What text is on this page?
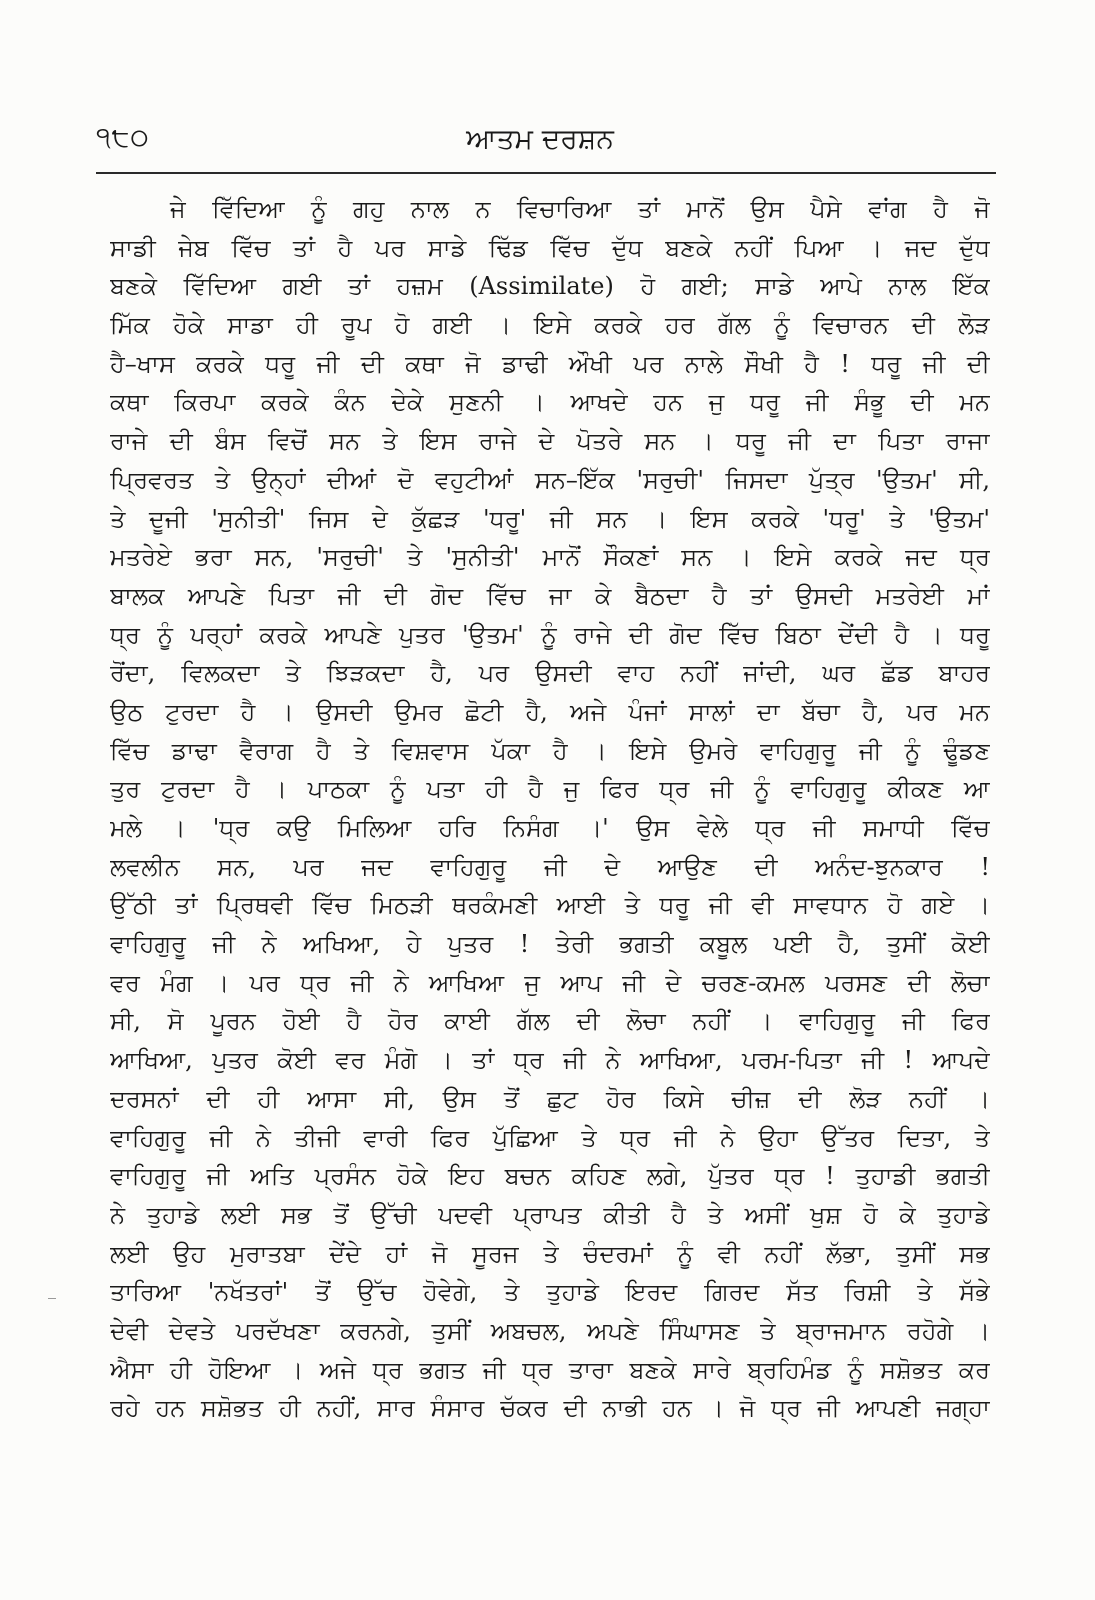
੧੮੦	ਆਤਮ ਦਰਸ਼ਨ
ਜੇ ਵਿੱਦਿਆ ਨੂੰ ਗਹੁ ਨਾਲ ਨ ਵਿਚਾਰਿਆ ਤਾਂ ਮਾਨੋਂ ਉਸ ਪੈਸੇ ਵਾਂਗ ਹੈ ਜੋ
ਸਾਡੀ ਜੇਬ ਵਿੱਚ ਤਾਂ ਹੈ ਪਰ ਸਾਡੇ ਢਿੱਡ ਵਿੱਚ ਦੁੱਧ ਬਣਕੇ ਨਹੀਂ ਪਿਆ । ਜਦ ਦੁੱਧ
ਬਣਕੇ ਵਿੱਦਿਆ ਗਈ ਤਾਂ ਹਜ਼ਮ (Assimilate) ਹੋ ਗਈ; ਸਾਡੇ ਆਪੇ ਨਾਲ ਇੱਕ
ਮਿੱਕ ਹੋਕੇ ਸਾਡਾ ਹੀ ਰੂਪ ਹੋ ਗਈ । ਇਸੇ ਕਰਕੇ ਹਰ ਗੱਲ ਨੂੰ ਵਿਚਾਰਨ ਦੀ ਲੋੜ
ਹੈ–ਖਾਸ ਕਰਕੇ ਧਰੂ ਜੀ ਦੀ ਕਥਾ ਜੋ ਡਾਢੀ ਔਖੀ ਪਰ ਨਾਲੇ ਸੌਖੀ ਹੈ ! ਧਰੂ ਜੀ ਦੀ
ਕਥਾ ਕਿਰਪਾ ਕਰਕੇ ਕੰਨ ਦੇਕੇ ਸੁਣਨੀ । ਆਖਦੇ ਹਨ ਜੁ ਧਰੂ ਜੀ ਸੰਭੂ ਦੀ ਮਨ
ਰਾਜੇ ਦੀ ਬੰਸ ਵਿਚੋਂ ਸਨ ਤੇ ਇਸ ਰਾਜੇ ਦੇ ਪੋਤਰੇ ਸਨ । ਧਰੂ ਜੀ ਦਾ ਪਿਤਾ ਰਾਜਾ
ਪ੍ਰਿਵਰਤ ਤੇ ਉਨ੍ਹਾਂ ਦੀਆਂ ਦੋ ਵਹੁਟੀਆਂ ਸਨ–ਇੱਕ 'ਸਰੁਚੀ' ਜਿਸਦਾ ਪੁੱਤ੍ਰ 'ਉਤਮ' ਸੀ,
ਤੇ ਦੂਜੀ 'ਸੁਨੀਤੀ' ਜਿਸ ਦੇ ਕੁੱਛੜ 'ਧਰੂ' ਜੀ ਸਨ । ਇਸ ਕਰਕੇ 'ਧਰੂ' ਤੇ 'ਉਤਮ'
ਮਤਰੇਏ ਭਰਾ ਸਨ, 'ਸਰੁਚੀ' ਤੇ 'ਸੁਨੀਤੀ' ਮਾਨੋਂ ਸੌਕਣਾਂ ਸਨ । ਇਸੇ ਕਰਕੇ ਜਦ ਧ੍ਰ
ਬਾਲਕ ਆਪਣੇ ਪਿਤਾ ਜੀ ਦੀ ਗੋਦ ਵਿੱਚ ਜਾ ਕੇ ਬੈਠਦਾ ਹੈ ਤਾਂ ਉਸਦੀ ਮਤਰੇਈ ਮਾਂ
ਧ੍ਰ ਨੂੰ ਪਰ੍ਹਾਂ ਕਰਕੇ ਆਪਣੇ ਪੁਤਰ 'ਉਤਮ' ਨੂੰ ਰਾਜੇ ਦੀ ਗੋਦ ਵਿੱਚ ਬਿਠਾ ਦੇਂਦੀ ਹੈ । ਧਰੂ
ਰੋਂਦਾ, ਵਿਲਕਦਾ ਤੇ ਝਿੜਕਦਾ ਹੈ, ਪਰ ਉਸਦੀ ਵਾਹ ਨਹੀਂ ਜਾਂਦੀ, ਘਰ ਛੱਡ ਬਾਹਰ
ਉਠ ਟੁਰਦਾ ਹੈ । ਉਸਦੀ ਉਮਰ ਛੋਟੀ ਹੈ, ਅਜੇ ਪੰਜਾਂ ਸਾਲਾਂ ਦਾ ਬੱਚਾ ਹੈ, ਪਰ ਮਨ
ਵਿੱਚ ਡਾਢਾ ਵੈਰਾਗ ਹੈ ਤੇ ਵਿਸ਼ਵਾਸ ਪੱਕਾ ਹੈ । ਇਸੇ ਉਮਰੇ ਵਾਹਿਗੁਰੂ ਜੀ ਨੂੰ ਢੂੰਡਣ
ਤੁਰ ਟੁਰਦਾ ਹੈ । ਪਾਠਕਾ ਨੂੰ ਪਤਾ ਹੀ ਹੈ ਜੁ ਫਿਰ ਧ੍ਰ ਜੀ ਨੂੰ ਵਾਹਿਗੁਰੂ ਕੀਕਣ ਆ
ਮਲੇ । 'ਧ੍ਰ ਕਉ ਮਿਲਿਆ ਹਰਿ ਨਿਸੰਗ ।' ਉਸ ਵੇਲੇ ਧ੍ਰ ਜੀ ਸਮਾਧੀ ਵਿੱਚ
ਲਵਲੀਨ ਸਨ, ਪਰ ਜਦ ਵਾਹਿਗੁਰੂ ਜੀ ਦੇ ਆਉਣ ਦੀ ਅਨੰਦ-ਝੁਨਕਾਰ !
ਉੱਠੀ ਤਾਂ ਪ੍ਰਿਥਵੀ ਵਿੱਚ ਮਿਠੜੀ ਥਰਕੰਮਣੀ ਆਈ ਤੇ ਧਰੂ ਜੀ ਵੀ ਸਾਵਧਾਨ ਹੋ ਗਏ ।
ਵਾਹਿਗੁਰੂ ਜੀ ਨੇ ਅਖਿਆ, ਹੇ ਪੁਤਰ ! ਤੇਰੀ ਭਗਤੀ ਕਬੂਲ ਪਈ ਹੈ, ਤੁਸੀਂ ਕੋਈ
ਵਰ ਮੰਗ । ਪਰ ਧ੍ਰ ਜੀ ਨੇ ਆਖਿਆ ਜੁ ਆਪ ਜੀ ਦੇ ਚਰਣ-ਕਮਲ ਪਰਸਣ ਦੀ ਲੋਚਾ
ਸੀ, ਸੋ ਪੂਰਨ ਹੋਈ ਹੈ ਹੋਰ ਕਾਈ ਗੱਲ ਦੀ ਲੋਚਾ ਨਹੀਂ । ਵਾਹਿਗੁਰੂ ਜੀ ਫਿਰ
ਆਖਿਆ, ਪੁਤਰ ਕੋਈ ਵਰ ਮੰਗੋ । ਤਾਂ ਧ੍ਰ ਜੀ ਨੇ ਆਖਿਆ, ਪਰਮ-ਪਿਤਾ ਜੀ ! ਆਪਦੇ
ਦਰਸਨਾਂ ਦੀ ਹੀ ਆਸਾ ਸੀ, ਉਸ ਤੋਂ ਛੁਟ ਹੋਰ ਕਿਸੇ ਚੀਜ਼ ਦੀ ਲੋੜ ਨਹੀਂ ।
ਵਾਹਿਗੁਰੂ ਜੀ ਨੇ ਤੀਜੀ ਵਾਰੀ ਫਿਰ ਪੁੱਛਿਆ ਤੇ ਧ੍ਰ ਜੀ ਨੇ ਉਹਾ ਉੱਤਰ ਦਿਤਾ, ਤੇ
ਵਾਹਿਗੁਰੂ ਜੀ ਅਤਿ ਪ੍ਰਸੰਨ ਹੋਕੇ ਇਹ ਬਚਨ ਕਹਿਣ ਲਗੇ, ਪੁੱਤਰ ਧ੍ਰ ! ਤੁਹਾਡੀ ਭਗਤੀ
ਨੇ ਤੁਹਾਡੇ ਲਈ ਸਭ ਤੋਂ ਉੱਚੀ ਪਦਵੀ ਪ੍ਰਾਪਤ ਕੀਤੀ ਹੈ ਤੇ ਅਸੀਂ ਖੁਸ਼ ਹੋ ਕੇ ਤੁਹਾਡੇ
ਲਈ ਉਹ ਮੁਰਾਤਬਾ ਦੇਂਦੇ ਹਾਂ ਜੋ ਸੂਰਜ ਤੇ ਚੰਦਰਮਾਂ ਨੂੰ ਵੀ ਨਹੀਂ ਲੱਭਾ, ਤੁਸੀਂ ਸਭ
ਤਾਰਿਆ 'ਨਖੱਤਰਾਂ' ਤੋਂ ਉੱਚ ਹੋਵੇਗੇ, ਤੇ ਤੁਹਾਡੇ ਇਰਦ ਗਿਰਦ ਸੱਤ ਰਿਸ਼ੀ ਤੇ ਸੱਭੇ
ਦੇਵੀ ਦੇਵਤੇ ਪਰਦੱਖਣਾ ਕਰਨਗੇ, ਤੁਸੀਂ ਅਬਚਲ, ਅਪਣੇ ਸਿੰਘਾਸਣ ਤੇ ਬ੍ਰਾਜਮਾਨ ਰਹੋਗੇ ।
ਐਸਾ ਹੀ ਹੋਇਆ । ਅਜੇ ਧ੍ਰ ਭਗਤ ਜੀ ਧ੍ਰ ਤਾਰਾ ਬਣਕੇ ਸਾਰੇ ਬ੍ਰਹਿਮੰਡ ਨੂੰ ਸਸ਼ੋਭਤ ਕਰ
ਰਹੇ ਹਨ ਸਸ਼ੋਭਤ ਹੀ ਨਹੀਂ, ਸਾਰ ਸੰਸਾਰ ਚੱਕਰ ਦੀ ਨਾਭੀ ਹਨ । ਜੋ ਧ੍ਰ ਜੀ ਆਪਣੀ ਜਗ੍ਹਾ
